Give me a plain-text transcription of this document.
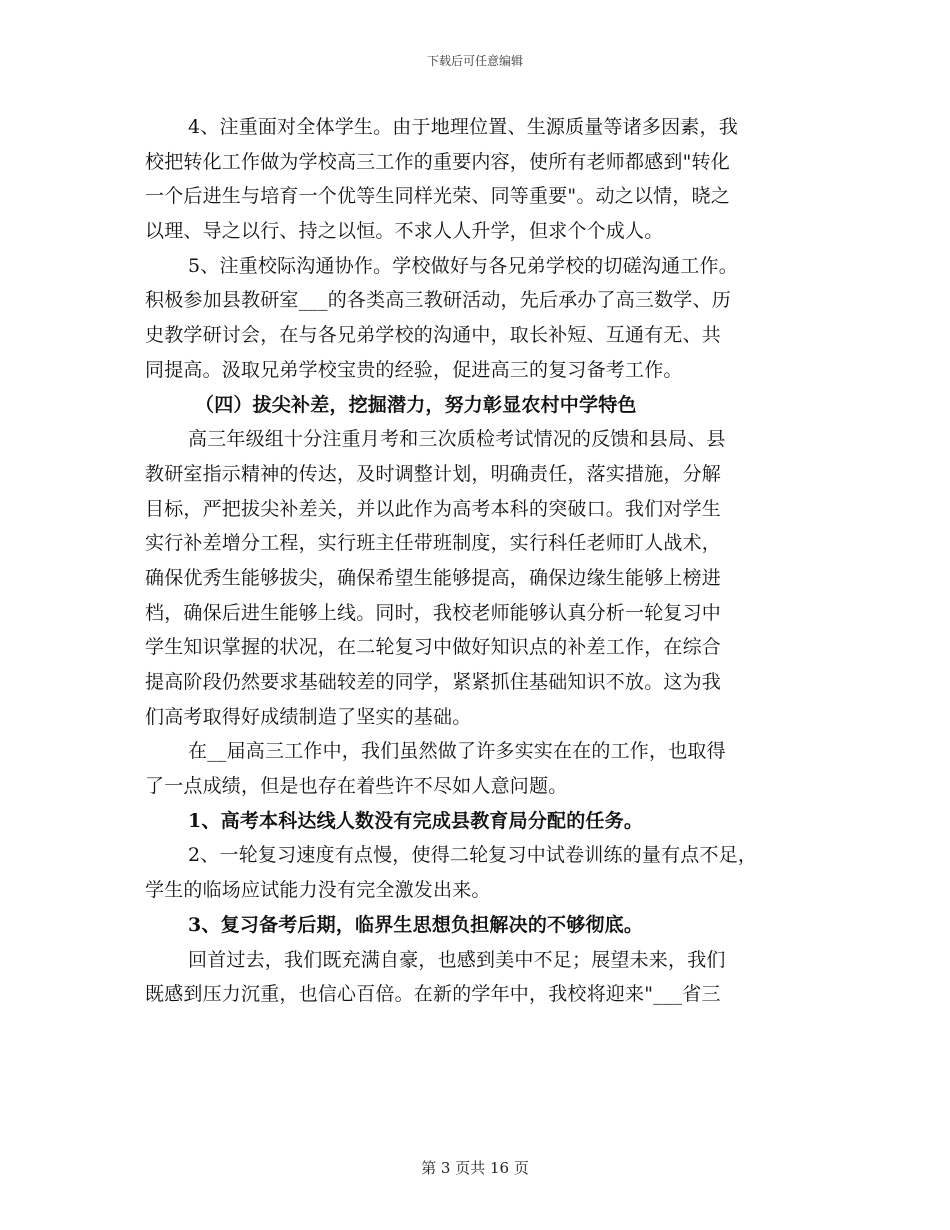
下载后可任意编辑
4、注重面对全体学生。由于地理位置、生源质量等诸多因素，我
校把转化工作做为学校高三工作的重要内容，使所有老师都感到"转化
一个后进生与培育一个优等生同样光荣、同等重要"。动之以情，晓之
以理、导之以行、持之以恒。不求人人升学，但求个个成人。
5、注重校际沟通协作。学校做好与各兄弟学校的切磋沟通工作。
积极参加县教研室___的各类高三教研活动，先后承办了高三数学、历
史教学研讨会，在与各兄弟学校的沟通中，取长补短、互通有无、共
同提高。汲取兄弟学校宝贵的经验，促进高三的复习备考工作。
（四）拔尖补差，挖掘潜力，努力彰显农村中学特色
高三年级组十分注重月考和三次质检考试情况的反馈和县局、县
教研室指示精神的传达，及时调整计划，明确责任，落实措施，分解
目标，严把拔尖补差关，并以此作为高考本科的突破口。我们对学生
实行补差增分工程，实行班主任带班制度，实行科任老师盯人战术，
确保优秀生能够拔尖，确保希望生能够提高，确保边缘生能够上榜进
档，确保后进生能够上线。同时，我校老师能够认真分析一轮复习中
学生知识掌握的状况，在二轮复习中做好知识点的补差工作，在综合
提高阶段仍然要求基础较差的同学，紧紧抓住基础知识不放。这为我
们高考取得好成绩制造了坚实的基础。
在__届高三工作中，我们虽然做了许多实实在在的工作，也取得
了一点成绩，但是也存在着些许不尽如人意问题。
1、高考本科达线人数没有完成县教育局分配的任务。
2、一轮复习速度有点慢，使得二轮复习中试卷训练的量有点不足，
学生的临场应试能力没有完全激发出来。
3、复习备考后期，临界生思想负担解决的不够彻底。
回首过去，我们既充满自豪，也感到美中不足；展望未来，我们
既感到压力沉重，也信心百倍。在新的学年中，我校将迎来"___省三
第 3 页共 16 页
